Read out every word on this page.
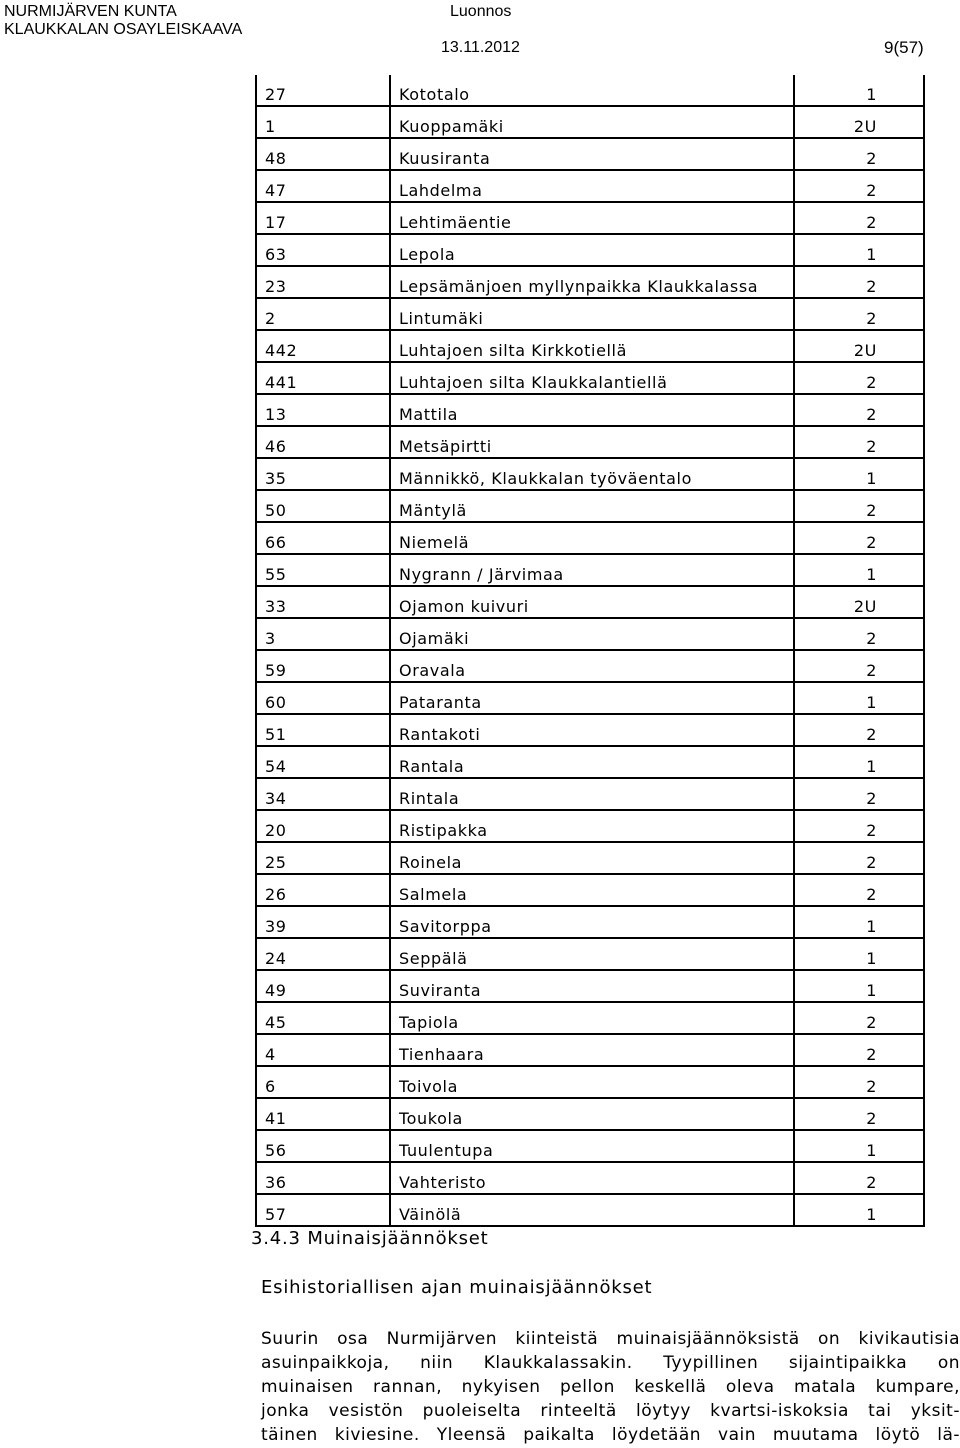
NURMIJÄRVEN KUNTA
KLAUKKALAN OSAYLEISKAAVA
Luonnos
13.11.2012	9(57)
27	Kototalo	1
1	Kuoppamäki	2U
48	Kuusiranta	2
47	Lahdelma	2
17	Lehtimäentie	2
63	Lepola	1
23	Lepsämänjoen myllynpaikka Klaukkalassa	2
2	Lintumäki	2
442	Luhtajoen silta Kirkkotiellä	2U
441	Luhtajoen silta Klaukkalantiellä	2
13	Mattila	2
46	Metsäpirtti	2
35	Männikkö, Klaukkalan työväentalo	1
50	Mäntylä	2
66	Niemelä	2
55	Nygrann / Järvimaa	1
33	Ojamon kuivuri	2U
3	Ojamäki	2
59	Oravala	2
60	Pataranta	1
51	Rantakoti	2
54	Rantala	1
34	Rintala	2
20	Ristipakka	2
25	Roinela	2
26	Salmela	2
39	Savitorppa	1
24	Seppälä	1
49	Suviranta	1
45	Tapiola	2
4	Tienhaara	2
6	Toivola	2
41	Toukola	2
56	Tuulentupa	1
36	Vahteristo	2
57	Väinölä	1
3.4.3 Muinaisjäännökset
Esihistoriallisen ajan muinaisjäännökset
Suurin osa Nurmijärven kiinteistä muinaisjäännöksistä on kivikautisia
asuinpaikkoja, niin Klaukkalassakin. Tyypillinen sijaintipaikka on
muinaisen rannan, nykyisen pellon keskellä oleva matala kumpare,
jonka vesistön puoleiselta rinteeltä löytyy kvartsi-iskoksia tai yksit-
täinen kiviesine. Yleensä paikalta löydetään vain muutama löytö lä-
